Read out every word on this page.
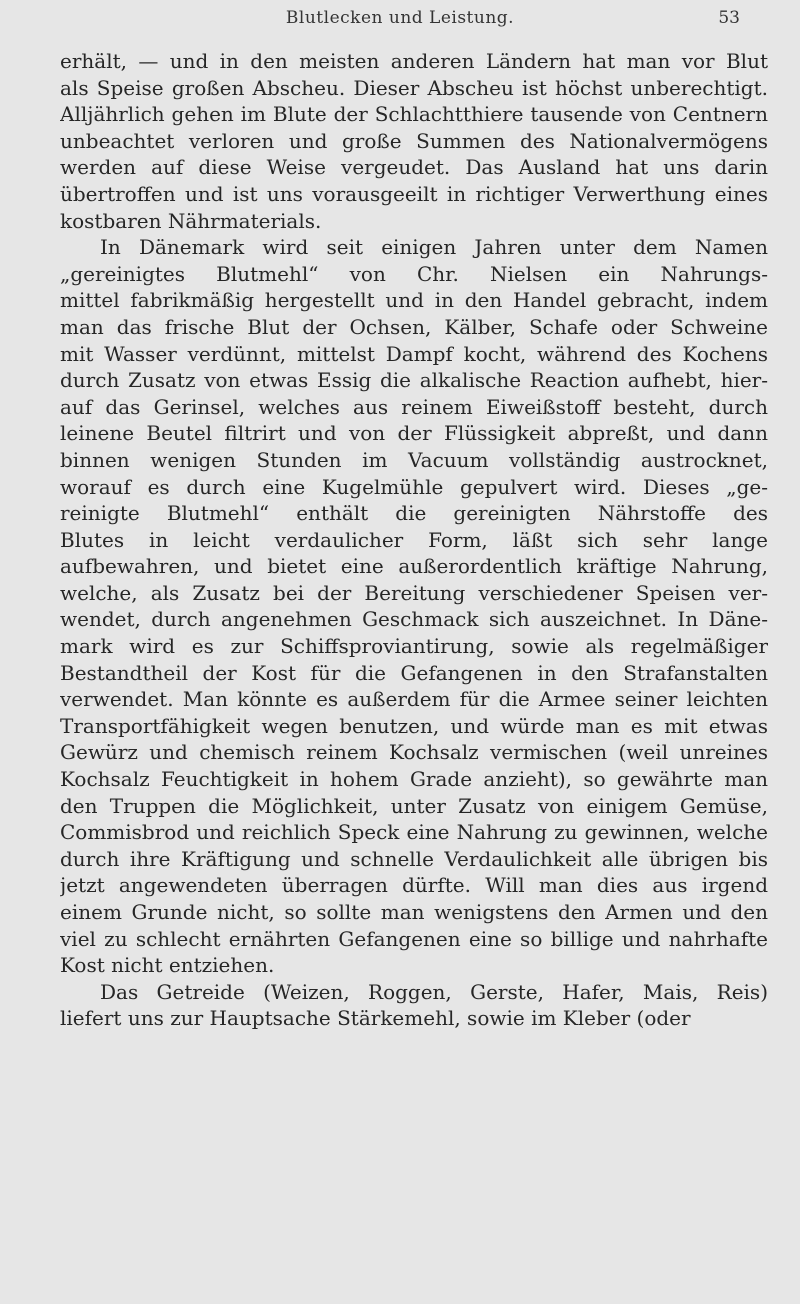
Blutlecken und Leistung.	53
erhält, — und in den meisten anderen Ländern hat man vor Blut
als Speise großen Abscheu. Dieser Abscheu ist höchst unberechtigt.
Alljährlich gehen im Blute der Schlachtthiere tausende von Centnern
unbeachtet verloren und große Summen des Nationalvermögens
werden auf diese Weise vergeudet. Das Ausland hat uns darin
übertroffen und ist uns vorausgeeilt in richtiger Verwerthung eines
kostbaren Nährmaterials.
In Dänemark wird seit einigen Jahren unter dem Namen
„gereinigtes Blutmehl“ von Chr. Nielsen ein Nahrungs-
mittel fabrikmäßig hergestellt und in den Handel gebracht, indem
man das frische Blut der Ochsen, Kälber, Schafe oder Schweine
mit Wasser verdünnt, mittelst Dampf kocht, während des Kochens
durch Zusatz von etwas Essig die alkalische Reaction aufhebt, hier-
auf das Gerinsel, welches aus reinem Eiweißstoff besteht, durch
leinene Beutel filtrirt und von der Flüssigkeit abpreßt, und dann
binnen wenigen Stunden im Vacuum vollständig austrocknet,
worauf es durch eine Kugelmühle gepulvert wird. Dieses „ge-
reinigte Blutmehl“ enthält die gereinigten Nährstoffe des
Blutes in leicht verdaulicher Form, läßt sich sehr lange
aufbewahren, und bietet eine außerordentlich kräftige Nahrung,
welche, als Zusatz bei der Bereitung verschiedener Speisen ver-
wendet, durch angenehmen Geschmack sich auszeichnet. In Däne-
mark wird es zur Schiffsproviantirung, sowie als regelmäßiger
Bestandtheil der Kost für die Gefangenen in den Strafanstalten
verwendet. Man könnte es außerdem für die Armee seiner leichten
Transportfähigkeit wegen benutzen, und würde man es mit etwas
Gewürz und chemisch reinem Kochsalz vermischen (weil unreines
Kochsalz Feuchtigkeit in hohem Grade anzieht), so gewährte man
den Truppen die Möglichkeit, unter Zusatz von einigem Gemüse,
Commisbrod und reichlich Speck eine Nahrung zu gewinnen, welche
durch ihre Kräftigung und schnelle Verdaulichkeit alle übrigen bis
jetzt angewendeten überragen dürfte. Will man dies aus irgend
einem Grunde nicht, so sollte man wenigstens den Armen und den
viel zu schlecht ernährten Gefangenen eine so billige und nahrhafte
Kost nicht entziehen.
Das Getreide (Weizen, Roggen, Gerste, Hafer, Mais, Reis)
liefert uns zur Hauptsache Stärkemehl, sowie im Kleber (oder
